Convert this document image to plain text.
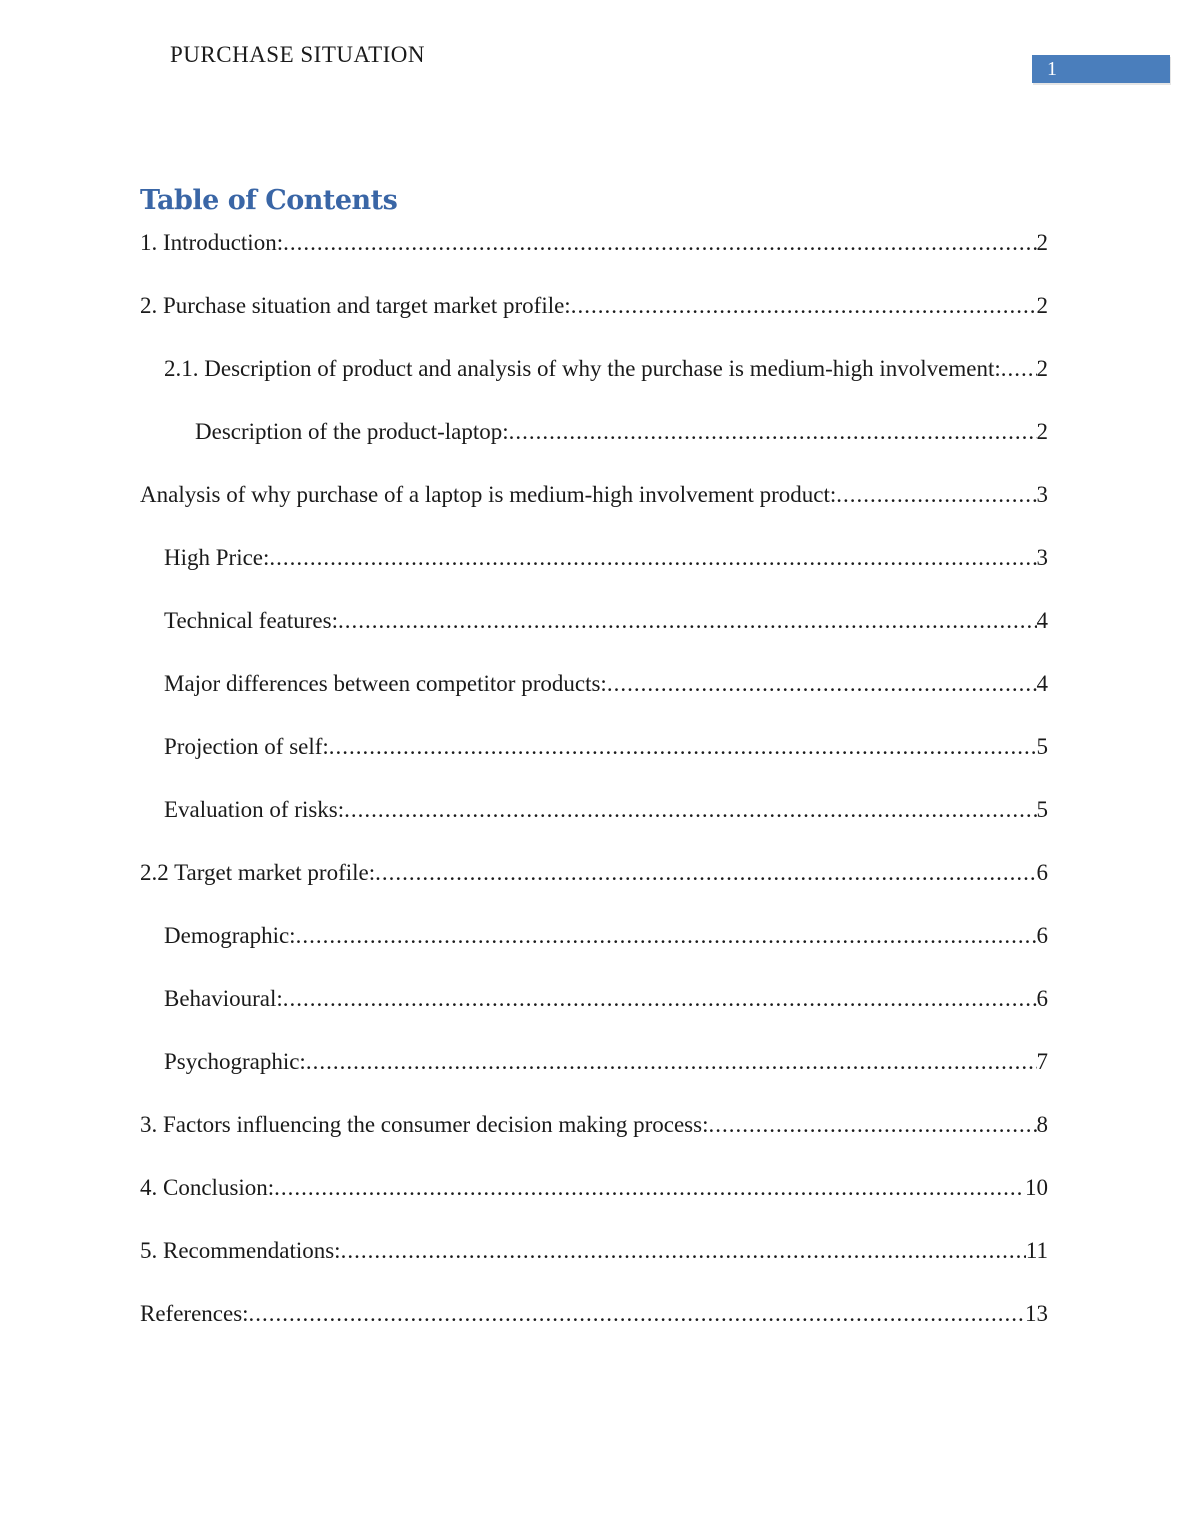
PURCHASE SITUATION
1
Table of Contents
1. Introduction: .....	2
2. Purchase situation and target market profile: .....	2
2.1. Description of product and analysis of why the purchase is medium-high involvement: ..... 2
Description of the product-laptop: .....	2
Analysis of why purchase of a laptop is medium-high involvement product: .....	3
High Price: .....	3
Technical features: .....	4
Major differences between competitor products: .....	4
Projection of self: .....	5
Evaluation of risks: .....	5
2.2 Target market profile: .....	6
Demographic: .....	6
Behavioural: .....	6
Psychographic: .....	7
3. Factors influencing the consumer decision making process: .....	8
4. Conclusion: .....	10
5. Recommendations: .....	11
References: .....	13
